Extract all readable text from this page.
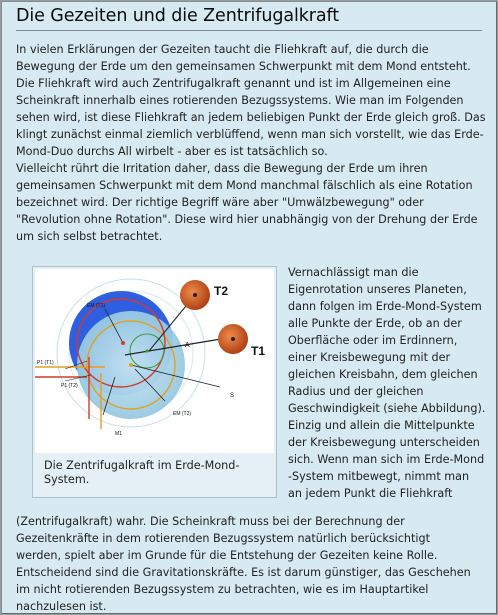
Die Gezeiten und die Zentrifugalkraft

In vielen Erklärungen der Gezeiten taucht die Fliehkraft auf, die durch die Bewegung der Erde um den gemeinsamen Schwerpunkt mit dem Mond entsteht. Die Fliehkraft wird auch Zentrifugalkraft genannt und ist im Allgemeinen eine Scheinkraft innerhalb eines rotierenden Bezugssystems. Wie man im Folgenden sehen wird, ist diese Fliehkraft an jedem beliebigen Punkt der Erde gleich groß. Das klingt zunächst einmal ziemlich verblüffend, wenn man sich vorstellt, wie das Erde-Mond-Duo durchs All wirbelt - aber es ist tatsächlich so.

Vielleicht rührt die Irritation daher, dass die Bewegung der Erde um ihren gemeinsamen Schwerpunkt mit dem Mond manchmal fälschlich als eine Rotation bezeichnet wird. Der richtige Begriff wäre aber "Umwälzbewegung" oder "Revolution ohne Rotation". Diese wird hier unabhängig von der Drehung der Erde um sich selbst betrachtet.

T2
T1
EM (T1)
EM (T2)
A
S
M1
P1 (T1)
P1 (T2)
Die Zentrifugalkraft im Erde-Mond-System.
Vernachlässigt man die
Eigenrotation unseres Planeten,
dann folgen im Erde-Mond-System
alle Punkte der Erde, ob an der
Oberfläche oder im Erdinnern,
einer Kreisbewegung mit der
gleichen Kreisbahn, dem gleichen
Radius und der gleichen
Geschwindigkeit (siehe Abbildung).
Einzig und allein die Mittelpunkte
der Kreisbewegung unterscheiden
sich. Wenn man sich im Erde-Mond
-System mitbewegt, nimmt man
an jedem Punkt die Fliehkraft
(Zentrifugalkraft) wahr. Die Scheinkraft muss bei der Berechnung der
Gezeitenkräfte in dem rotierenden Bezugssystem natürlich berücksichtigt
werden, spielt aber im Grunde für die Entstehung der Gezeiten keine Rolle.
Entscheidend sind die Gravitationskräfte. Es ist darum günstiger, das Geschehen
im nicht rotierenden Bezugssystem zu betrachten, wie es im Hauptartikel
nachzulesen ist.
